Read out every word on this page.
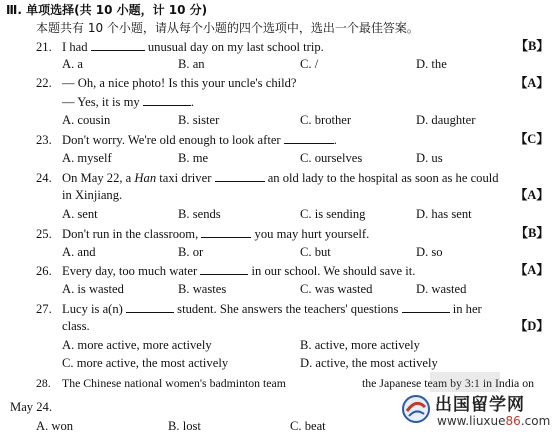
Ⅲ. 单项选择(共 10 小题，计 10 分)
本题共有 10 个小题，请从每个小题的四个选项中，选出一个最佳答案。
21. I had	unusual day on my last school trip.	【B】
A. a	B. an	C. /	D. the
22. — Oh, a nice photo! Is this your uncle's child?	【A】
— Yes, it is my	.
A. cousin	B. sister	C. brother	D. daughter
23. Don't worry. We're old enough to look after	.	【C】
A. myself	B. me	C. ourselves	D. us
24. On May 22, a Han taxi driver	an old lady to the hospital as soon as he could
in Xinjiang.	【A】
A. sent	B. sends	C. is sending	D. has sent
25. Don't run in the classroom,	you may hurt yourself.	【B】
A. and	B. or	C. but	D. so
26. Every day, too much water	in our school. We should save it.	【A】
A. is wasted	B. wastes	C. was wasted	D. wasted
27. Lucy is a(n)	student. She answers the teachers' questions	in her
class.	【D】
A. more active, more actively	B. active, more actively
C. more active, the most actively	D. active, the most actively
28. The Chinese national women's badminton team	the Japanese team by 3:1 in India on
May 24.
A. won	B. lost	C. beat
出国留学网
www.liuxue86.com
